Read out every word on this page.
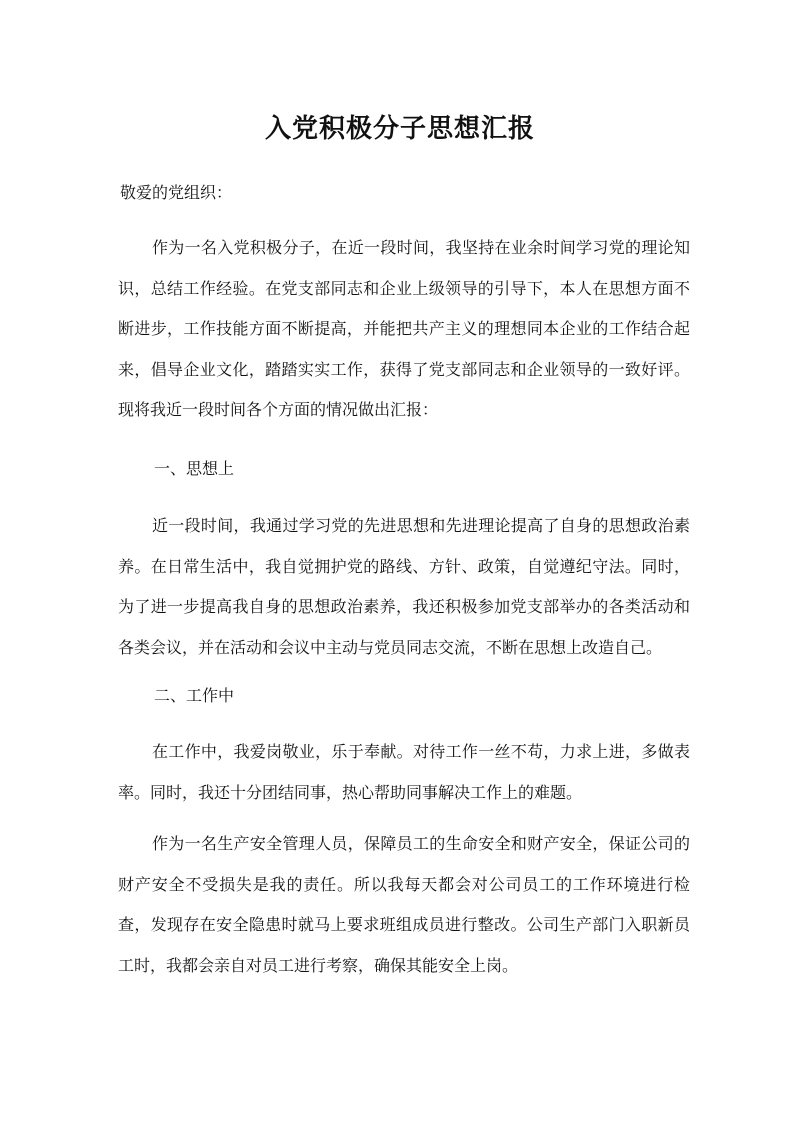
入党积极分子思想汇报

敬爱的党组织：

作为一名入党积极分子，在近一段时间，我坚持在业余时间学习党的理论知识，总结工作经验。在党支部同志和企业上级领导的引导下，本人在思想方面不断进步，工作技能方面不断提高，并能把共产主义的理想同本企业的工作结合起来，倡导企业文化，踏踏实实工作，获得了党支部同志和企业领导的一致好评。现将我近一段时间各个方面的情况做出汇报：

一、思想上

近一段时间，我通过学习党的先进思想和先进理论提高了自身的思想政治素养。在日常生活中，我自觉拥护党的路线、方针、政策，自觉遵纪守法。同时，为了进一步提高我自身的思想政治素养，我还积极参加党支部举办的各类活动和各类会议，并在活动和会议中主动与党员同志交流，不断在思想上改造自己。

二、工作中

在工作中，我爱岗敬业，乐于奉献。对待工作一丝不苟，力求上进，多做表率。同时，我还十分团结同事，热心帮助同事解决工作上的难题。

作为一名生产安全管理人员，保障员工的生命安全和财产安全，保证公司的财产安全不受损失是我的责任。所以我每天都会对公司员工的工作环境进行检查，发现存在安全隐患时就马上要求班组成员进行整改。公司生产部门入职新员工时，我都会亲自对员工进行考察，确保其能安全上岗。
